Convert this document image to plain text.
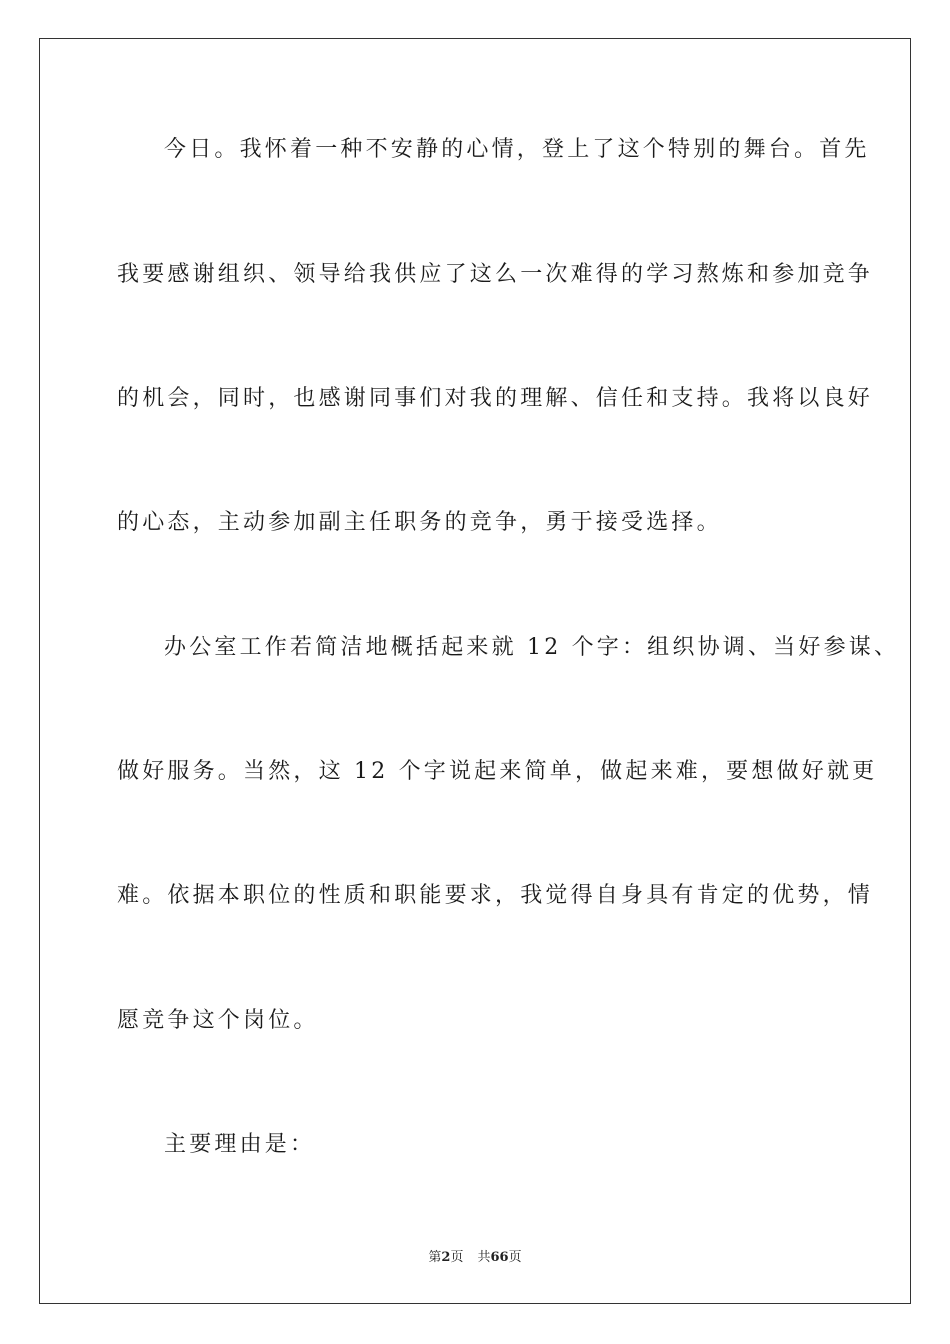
今日。我怀着一种不安静的心情，登上了这个特别的舞台。首先
我要感谢组织、领导给我供应了这么一次难得的学习熬炼和参加竞争
的机会，同时，也感谢同事们对我的理解、信任和支持。我将以良好
的心态，主动参加副主任职务的竞争，勇于接受选择。
办公室工作若简洁地概括起来就 12 个字：组织协调、当好参谋、
做好服务。当然，这 12 个字说起来简单，做起来难，要想做好就更
难。依据本职位的性质和职能要求，我觉得自身具有肯定的优势，情
愿竞争这个岗位。
主要理由是：
第2页 共66页
